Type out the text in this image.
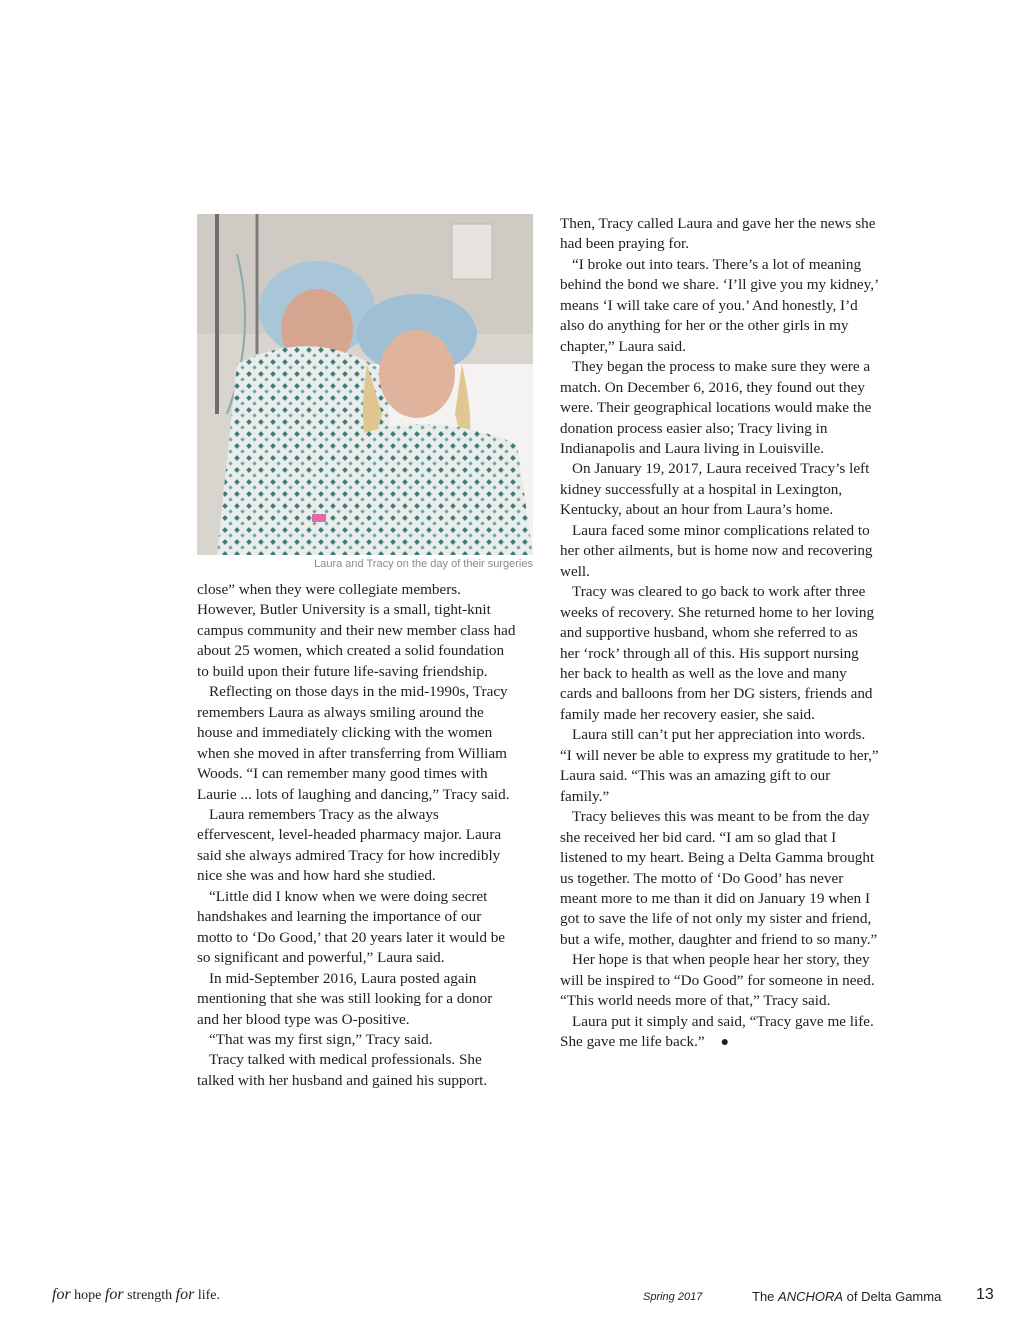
Laura and Tracy on the day of their surgeries

close” when they were collegiate members. However, Butler University is a small, tight-knit campus community and their new member class had about 25 women, which created a solid foundation to build upon their future life-saving friendship.

Reflecting on those days in the mid-1990s, Tracy remembers Laura as always smiling around the house and immediately clicking with the women when she moved in after transferring from William Woods. “I can remember many good times with Laurie ... lots of laughing and dancing,” Tracy said.

Laura remembers Tracy as the always effervescent, level-headed pharmacy major. Laura said she always admired Tracy for how incredibly nice she was and how hard she studied.

“Little did I know when we were doing secret handshakes and learning the importance of our motto to ‘Do Good,’ that 20 years later it would be so significant and powerful,” Laura said.

In mid-September 2016, Laura posted again mentioning that she was still looking for a donor and her blood type was O-positive.

“That was my first sign,” Tracy said.

Tracy talked with medical professionals. She talked with her husband and gained his support.

Then, Tracy called Laura and gave her the news she had been praying for.

“I broke out into tears. There’s a lot of meaning behind the bond we share. ‘I’ll give you my kidney,’ means ‘I will take care of you.’ And honestly, I’d also do anything for her or the other girls in my chapter,” Laura said.

They began the process to make sure they were a match. On December 6, 2016, they found out they were. Their geographical locations would make the donation process easier also; Tracy living in Indianapolis and Laura living in Louisville.

On January 19, 2017, Laura received Tracy’s left kidney successfully at a hospital in Lexington, Kentucky, about an hour from Laura’s home.

Laura faced some minor complications related to her other ailments, but is home now and recovering well.

Tracy was cleared to go back to work after three weeks of recovery. She returned home to her loving and supportive husband, whom she referred to as her ‘rock’ through all of this. His support nursing her back to health as well as the love and many cards and balloons from her DG sisters, friends and family made her recovery easier, she said.

Laura still can’t put her appreciation into words. “I will never be able to express my gratitude to her,” Laura said. “This was an amazing gift to our family.”

Tracy believes this was meant to be from the day she received her bid card. “I am so glad that I listened to my heart. Being a Delta Gamma brought us together. The motto of ‘Do Good’ has never meant more to me than it did on January 19 when I got to save the life of not only my sister and friend, but a wife, mother, daughter and friend to so many.”

Her hope is that when people hear her story, they will be inspired to “Do Good” for someone in need. “This world needs more of that,” Tracy said.

Laura put it simply and said, “Tracy gave me life. She gave me life back.” ●

for hope for strength for life.	Spring 2017	The ANCHORA of Delta Gamma 13
